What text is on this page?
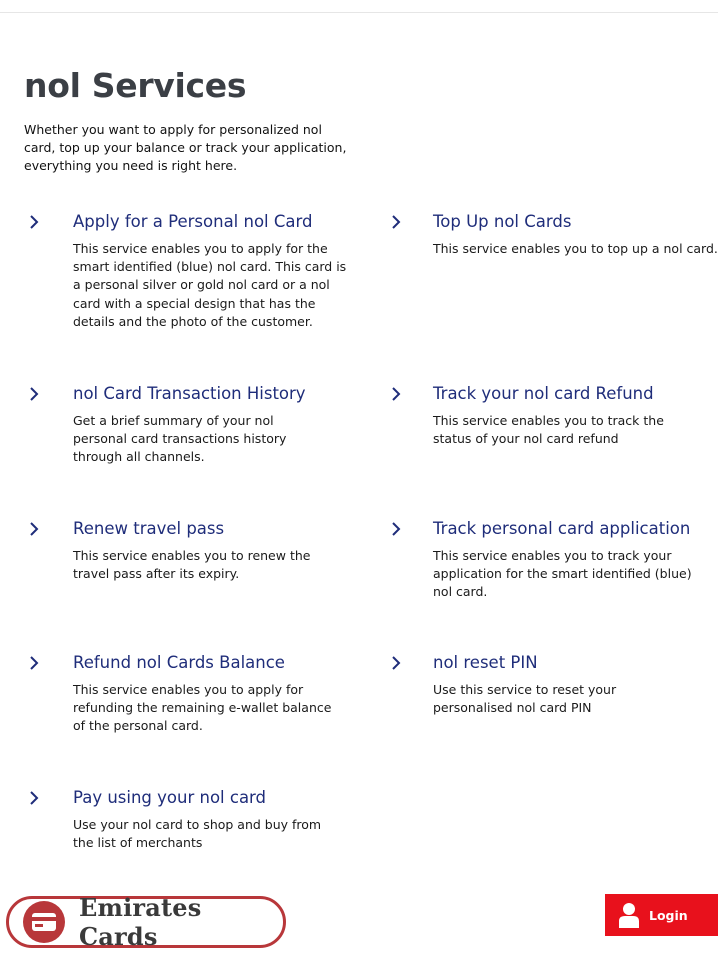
nol Services

Whether you want to apply for personalized nol card, top up your balance or track your application, everything you need is right here.

Apply for a Personal nol Card
This service enables you to apply for the smart identified (blue) nol card. This card is a personal silver or gold nol card or a nol card with a special design that has the details and the photo of the customer.
Top Up nol Cards
This service enables you to top up a nol card.
nol Card Transaction History
Get a brief summary of your nol personal card transactions history through all channels.
Track your nol card Refund
This service enables you to track the status of your nol card refund
Renew travel pass
This service enables you to renew the travel pass after its expiry.
Track personal card application
This service enables you to track your application for the smart identified (blue) nol card.
Refund nol Cards Balance
This service enables you to apply for refunding the remaining e-wallet balance of the personal card.
nol reset PIN
Use this service to reset your personalised nol card PIN
Pay using your nol card
Use your nol card to shop and buy from the list of merchants
Emirates Cards
Login
